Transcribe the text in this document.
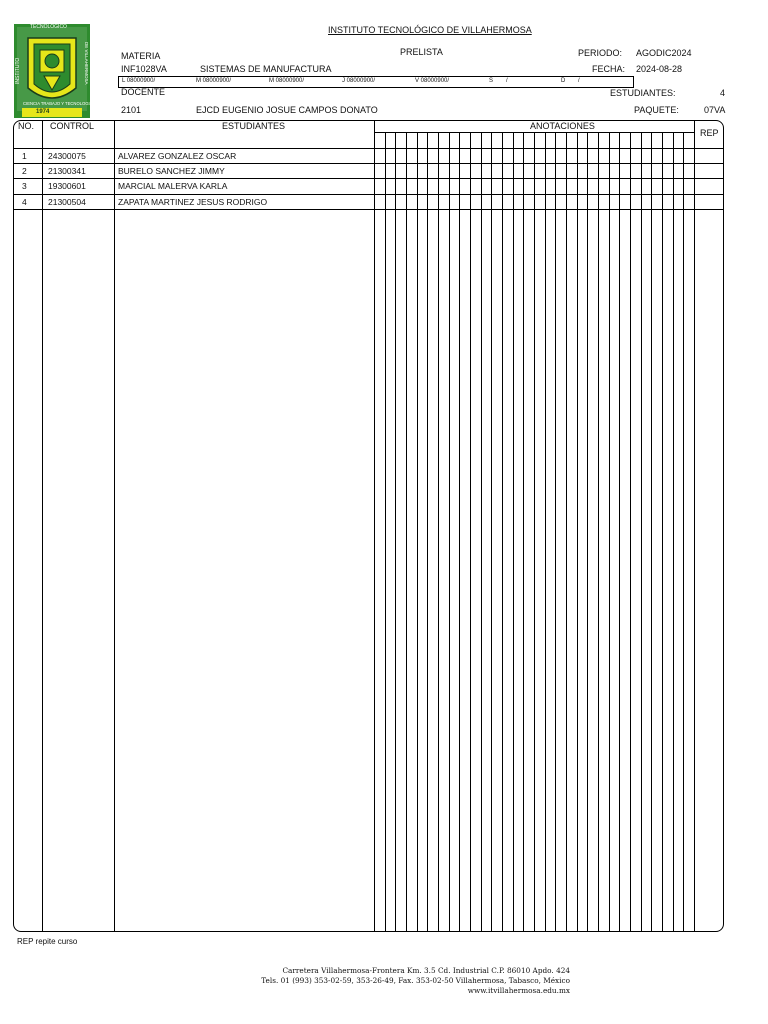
INSTITUTO TECNOLÓGICO DE VILLAHERMOSA
TECNOLOGICO
1974
INSTITUTO	DE VILLAHERMOSA
CIENCIA TRABAJO Y TECNOLOGIA
MATERIA
INF1028VA	SISTEMAS DE MANUFACTURA
PRELISTA	PERIODO: AGODIC2024
FECHA: 2024-08-28
L 08000900/	M 08000900/	M 08000900/	J 08000900/	V 08000900/	S /	D /
DOCENTE
2101	EJCD EUGENIO JOSUE CAMPOS DONATO
ESTUDIANTES:	4
PAQUETE:	07VA
NO. CONTROL	ESTUDIANTES	ANOTACIONES
REP
1	24300075	ALVAREZ GONZALEZ OSCAR
2	21300341	BURELO SANCHEZ JIMMY
3	19300601	MARCIAL MALERVA KARLA
4	21300504	ZAPATA MARTINEZ JESUS RODRIGO
REP repite curso
Carretera Villahermosa-Frontera Km. 3.5 Cd. Industrial C.P. 86010 Apdo. 424
Tels. 01 (993) 353-02-59, 353-26-49, Fax. 353-02-50 Villahermosa, Tabasco, México
www.itvillahermosa.edu.mx
